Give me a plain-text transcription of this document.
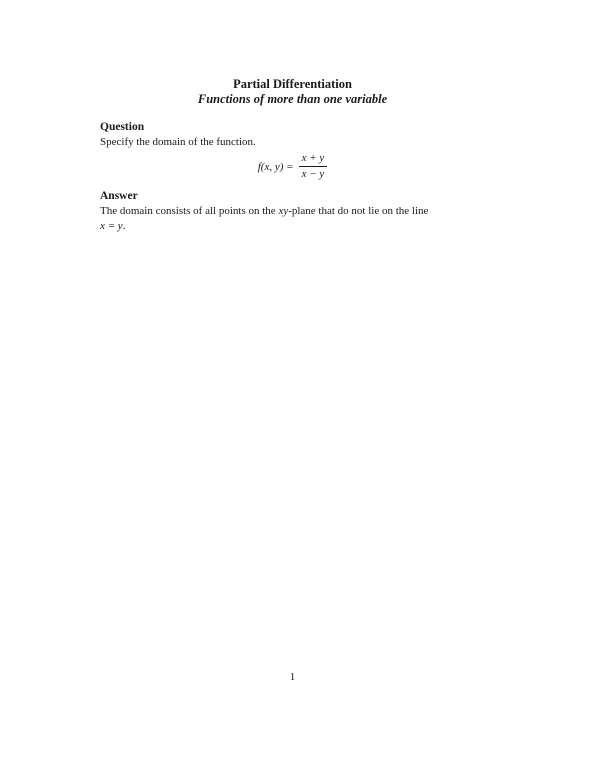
Partial Differentiation
Functions of more than one variable
Question
Specify the domain of the function.
f(x, $y) = \frac{x + y}{x - y}$
Answer
The domain consists of all points on the xy-plane that do not lie on the line
x = y.
1
